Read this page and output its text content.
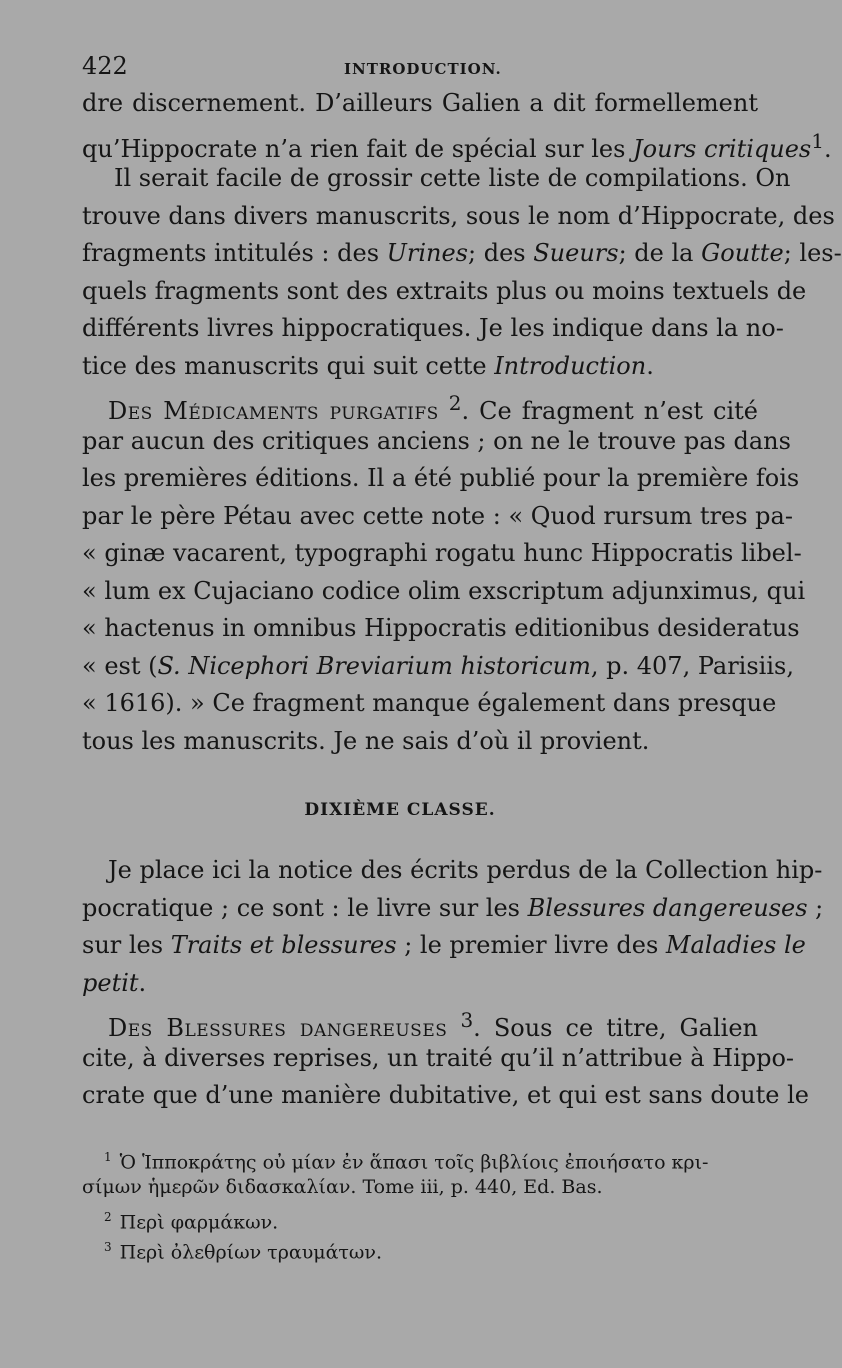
422	INTRODUCTION.
dre discernement. D’ailleurs Galien a dit formellement
qu’Hippocrate n’a rien fait de spécial sur les Jours critiques$^1$.
Il serait facile de grossir cette liste de compilations. On
trouve dans divers manuscrits, sous le nom d’Hippocrate, des
fragments intitulés : des Urines; des Sueurs; de la Goutte; les-
quels fragments sont des extraits plus ou moins textuels de
différents livres hippocratiques. Je les indique dans la no-
tice des manuscrits qui suit cette Introduction.
Des Médicaments purgatifs $^2$. Ce fragment n’est cité
par aucun des critiques anciens ; on ne le trouve pas dans
les premières éditions. Il a été publié pour la première fois
par le père Pétau avec cette note : « Quod rursum tres pa-
« ginæ vacarent, typographi rogatu hunc Hippocratis libel-
« lum ex Cujaciano codice olim exscriptum adjunximus, qui
« hactenus in omnibus Hippocratis editionibus desideratus
« est (S. Nicephori Breviarium historicum, p. 407, Parisiis,
« 1616). » Ce fragment manque également dans presque
tous les manuscrits. Je ne sais d’où il provient.
DIXIÈME CLASSE.
Je place ici la notice des écrits perdus de la Collection hip-
pocratique ; ce sont : le livre sur les Blessures dangereuses ;
sur les Traits et blessures ; le premier livre des Maladies le
petit.
Des Blessures dangereuses $^3$. Sous ce titre, Galien
cite, à diverses reprises, un traité qu’il n’attribue à Hippo-
crate que d’une manière dubitative, et qui est sans doute le
$^1$ Ὁ Ἱπποκράτης οὐ μίαν ἐν ἅπασι τοῖς βιβλίοις ἐποιήσατο κρι-
σίμων ἡμερῶν διδασκαλίαν. Tome iii, p. 440, Ed. Bas.
$^2$ Περὶ φαρμάκων.
$^3$ Περὶ ὀλεθρίων τραυμάτων.
